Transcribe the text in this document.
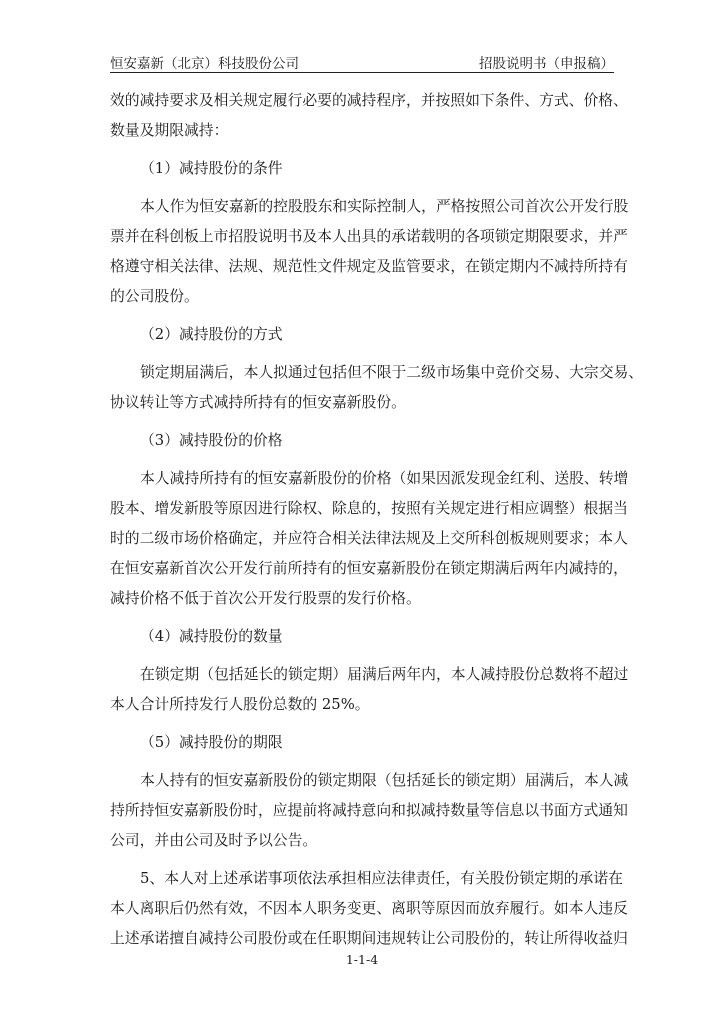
恒安嘉新（北京）科技股份公司	招股说明书（申报稿）

效的减持要求及相关规定履行必要的减持程序，并按照如下条件、方式、价格、

数量及期限减持：

（1）减持股份的条件

本人作为恒安嘉新的控股股东和实际控制人，严格按照公司首次公开发行股

票并在科创板上市招股说明书及本人出具的承诺载明的各项锁定期限要求，并严

格遵守相关法律、法规、规范性文件规定及监管要求，在锁定期内不减持所持有

的公司股份。

（2）减持股份的方式

锁定期届满后，本人拟通过包括但不限于二级市场集中竞价交易、大宗交易、

协议转让等方式减持所持有的恒安嘉新股份。

（3）减持股份的价格

本人减持所持有的恒安嘉新股份的价格（如果因派发现金红利、送股、转增

股本、增发新股等原因进行除权、除息的，按照有关规定进行相应调整）根据当

时的二级市场价格确定，并应符合相关法律法规及上交所科创板规则要求；本人

在恒安嘉新首次公开发行前所持有的恒安嘉新股份在锁定期满后两年内减持的，

减持价格不低于首次公开发行股票的发行价格。

（4）减持股份的数量

在锁定期（包括延长的锁定期）届满后两年内，本人减持股份总数将不超过

本人合计所持发行人股份总数的 25%。

（5）减持股份的期限

本人持有的恒安嘉新股份的锁定期限（包括延长的锁定期）届满后，本人减

持所持恒安嘉新股份时，应提前将减持意向和拟减持数量等信息以书面方式通知

公司，并由公司及时予以公告。

5、本人对上述承诺事项依法承担相应法律责任，有关股份锁定期的承诺在

本人离职后仍然有效，不因本人职务变更、离职等原因而放弃履行。如本人违反

上述承诺擅自减持公司股份或在任职期间违规转让公司股份的，转让所得收益归

1-1-4
